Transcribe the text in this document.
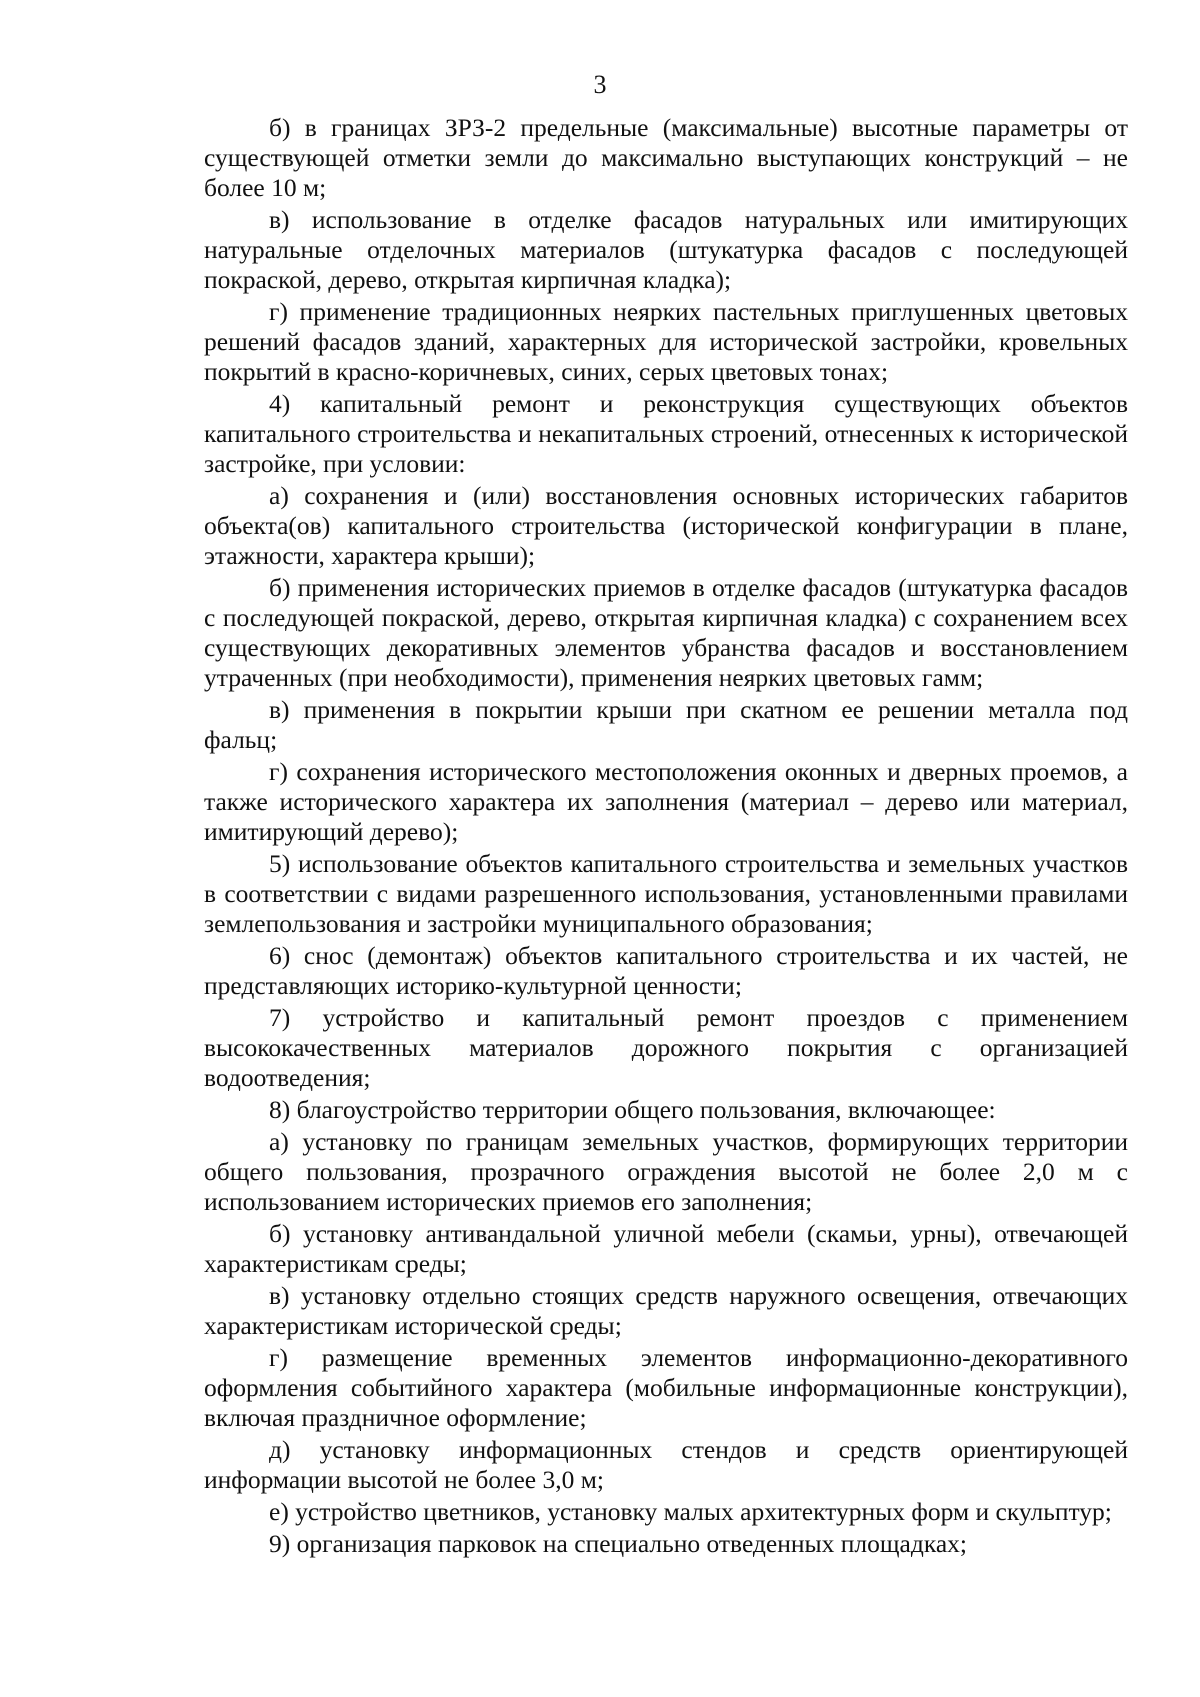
3

б) в границах ЗРЗ-2 предельные (максимальные) высотные параметры от существующей отметки земли до максимально выступающих конструкций – не более 10 м;

в) использование в отделке фасадов натуральных или имитирующих натуральные отделочных материалов (штукатурка фасадов с последующей покраской, дерево, открытая кирпичная кладка);

г) применение традиционных неярких пастельных приглушенных цветовых решений фасадов зданий, характерных для исторической застройки, кровельных покрытий в красно-коричневых, синих, серых цветовых тонах;

4) капитальный ремонт и реконструкция существующих объектов капитального строительства и некапитальных строений, отнесенных к исторической застройке, при условии:

а) сохранения и (или) восстановления основных исторических габаритов объекта(ов) капитального строительства (исторической конфигурации в плане, этажности, характера крыши);

б) применения исторических приемов в отделке фасадов (штукатурка фасадов с последующей покраской, дерево, открытая кирпичная кладка) с сохранением всех существующих декоративных элементов убранства фасадов и восстановлением утраченных (при необходимости), применения неярких цветовых гамм;

в) применения в покрытии крыши при скатном ее решении металла под фальц;

г) сохранения исторического местоположения оконных и дверных проемов, а также исторического характера их заполнения (материал – дерево или материал, имитирующий дерево);

5) использование объектов капитального строительства и земельных участков в соответствии с видами разрешенного использования, установленными правилами землепользования и застройки муниципального образования;

6) снос (демонтаж) объектов капитального строительства и их частей, не представляющих историко-культурной ценности;

7) устройство и капитальный ремонт проездов с применением высококачественных материалов дорожного покрытия с организацией водоотведения;

8) благоустройство территории общего пользования, включающее:

а) установку по границам земельных участков, формирующих территории общего пользования, прозрачного ограждения высотой не более 2,0 м с использованием исторических приемов его заполнения;

б) установку антивандальной уличной мебели (скамьи, урны), отвечающей характеристикам среды;

в) установку отдельно стоящих средств наружного освещения, отвечающих характеристикам исторической среды;

г) размещение временных элементов информационно-декоративного оформления событийного характера (мобильные информационные конструкции), включая праздничное оформление;

д) установку информационных стендов и средств ориентирующей информации высотой не более 3,0 м;

е) устройство цветников, установку малых архитектурных форм и скульптур;

9) организация парковок на специально отведенных площадках;
